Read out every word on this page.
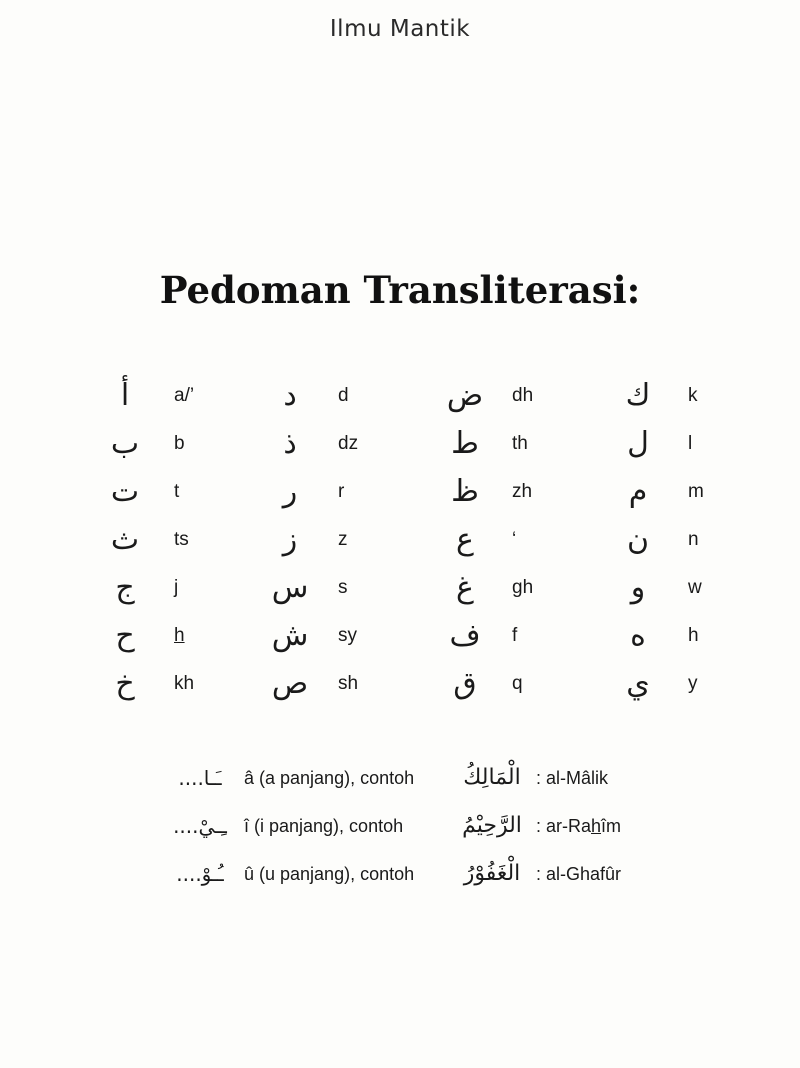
Ilmu Mantik
Pedoman Transliterasi:
أ	a/’	د	d	ض	dh	ك	k
ب	b	ذ	dz	ط	th	ل	l
ت	t	ر	r	ظ	zh	م	m
ث	ts	ز	z	ع	‘	ن	n
ج	j	س	s	غ	gh	و	w
ح	h	ش	sy	ف	f	ه	h
خ	kh	ص	sh	ق	q	ي	y
ـَـا....	â (a panjang), contoh	الْمَالِكُ : al-Mâlik
ـِـيْ.... î (i panjang), contoh	الرَّحِيْمُ : ar-Rahîm
ـُـوْ....	û (u panjang), contoh	الْغَفُوْرُ : al-Ghafûr
